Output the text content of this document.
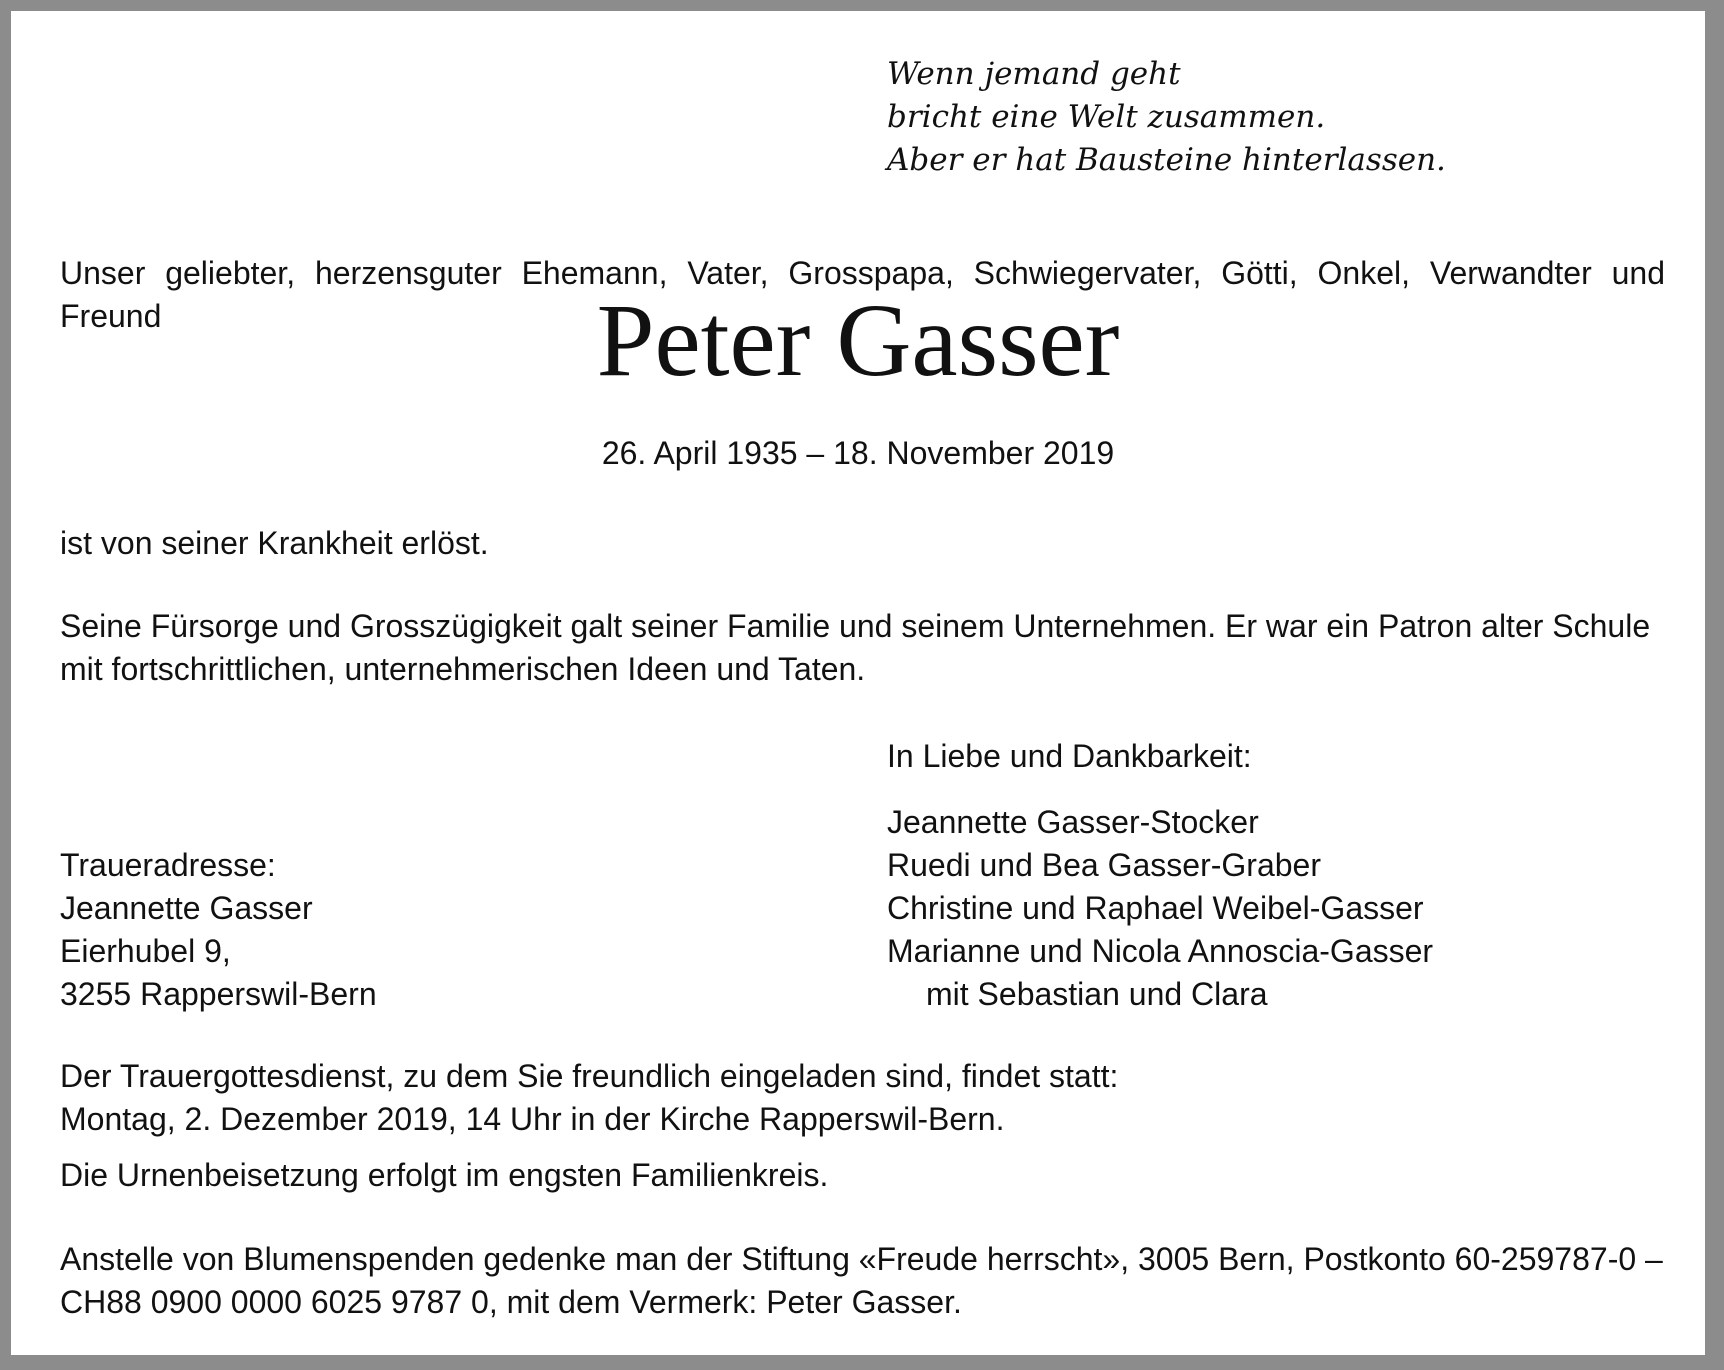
Wenn jemand geht
bricht eine Welt zusammen.
Aber er hat Bausteine hinterlassen.

Unser geliebter, herzensguter Ehemann, Vater, Grosspapa, Schwiegervater, Götti, Onkel, Verwandter und Freund	Peter Gasser
26. April 1935 – 18. November 2019
ist von seiner Krankheit erlöst.
Seine Fürsorge und Grosszügigkeit galt seiner Familie und seinem Unternehmen. Er war ein Patron alter Schule
mit fortschrittlichen, unternehmerischen Ideen und Taten.
In Liebe und Dankbarkeit:
Jeannette Gasser-Stocker
Ruedi und Bea Gasser-Graber
Christine und Raphael Weibel-Gasser
Marianne und Nicola Annoscia-Gasser
mit Sebastian und Clara
Traueradresse:
Jeannette Gasser
Eierhubel 9,
3255 Rapperswil-Bern
Der Trauergottesdienst, zu dem Sie freundlich eingeladen sind, findet statt:
Montag, 2. Dezember 2019, 14 Uhr in der Kirche Rapperswil-Bern.
Die Urnenbeisetzung erfolgt im engsten Familienkreis.
Anstelle von Blumenspenden gedenke man der Stiftung «Freude herrscht», 3005 Bern, Postkonto 60-259787-0 –
CH88 0900 0000 6025 9787 0, mit dem Vermerk: Peter Gasser.
